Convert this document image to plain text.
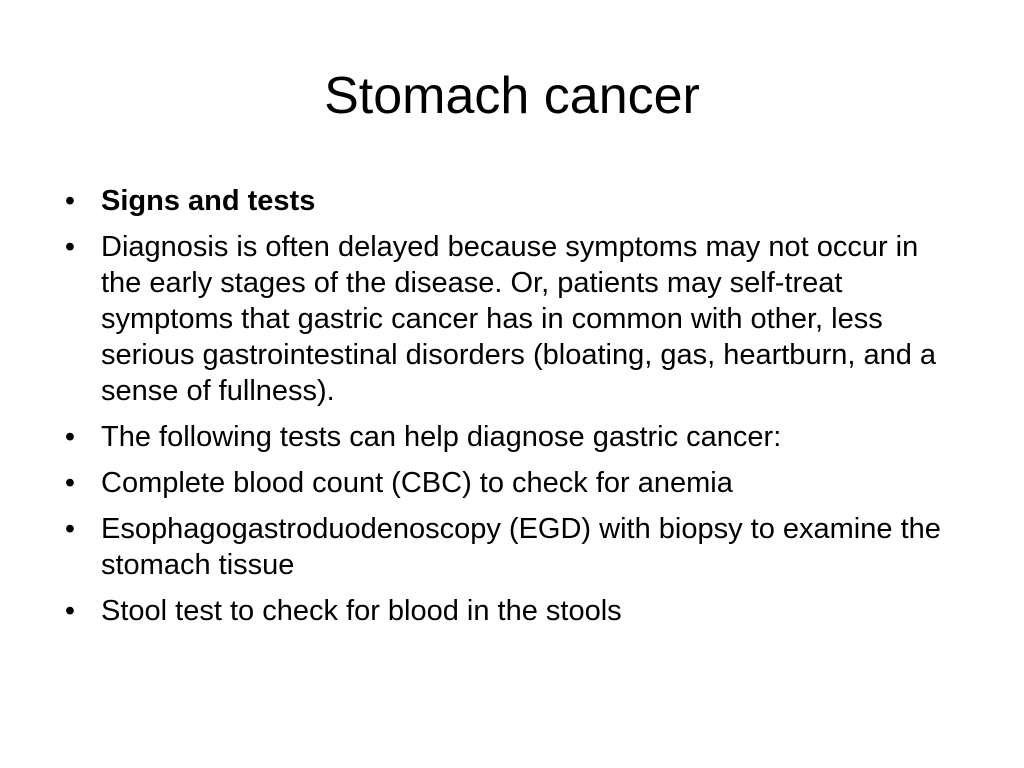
Stomach cancer
• Signs and tests
• Diagnosis is often delayed because symptoms may not occur in the early stages of the disease. Or, patients may self-treat symptoms that gastric cancer has in common with other, less serious gastrointestinal disorders (bloating, gas, heartburn, and a sense of fullness).
• The following tests can help diagnose gastric cancer:
• Complete blood count (CBC) to check for anemia
• Esophagogastroduodenoscopy (EGD) with biopsy to examine the stomach tissue
• Stool test to check for blood in the stools
